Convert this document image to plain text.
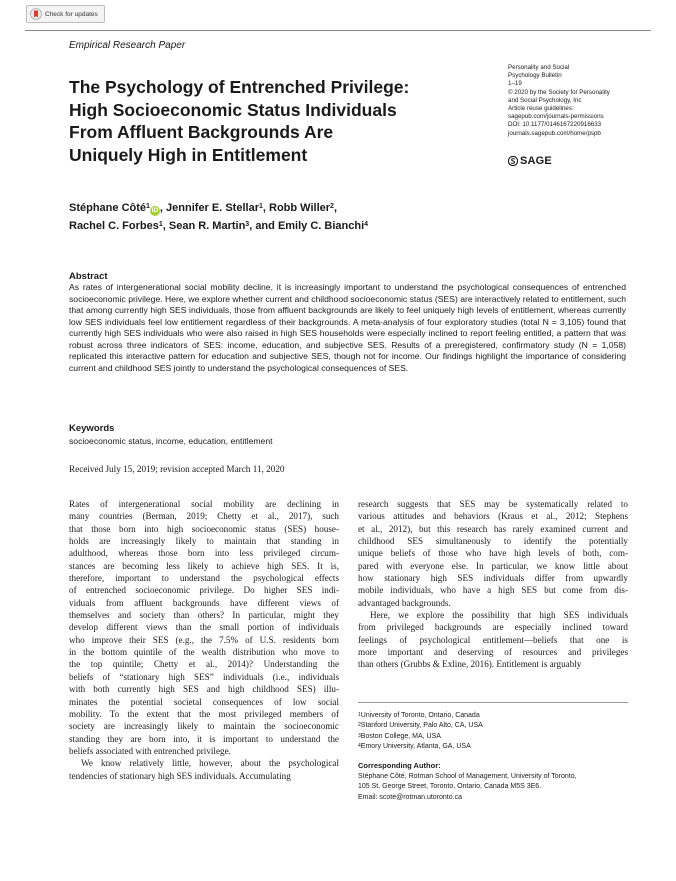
Check for updates
Empirical Research Paper
The Psychology of Entrenched Privilege:
High Socioeconomic Status Individuals
From Affluent Backgrounds Are
Uniquely High in Entitlement
Personality and Social
Psychology Bulletin
1–19
© 2020 by the Society for Personality
and Social Psychology, Inc
Article reuse guidelines:
sagepub.com/journals-permissions
DOI: 10.1177/0146167220916633
journals.sagepub.com/home/pspb
SAGE
Stéphane Côté$^1$iD , Jennifer E. Stellar$^1$, Robb Willer$^2$,
Rachel C. Forbes$^1$, Sean R. Martin$^3$, and Emily C. Bianchi$^4$
Abstract
As rates of intergenerational social mobility decline, it is increasingly important to understand the psychological consequences of entrenched socioeconomic privilege. Here, we explore whether current and childhood socioeconomic status (SES) are interactively related to entitlement, such that among currently high SES individuals, those from affluent backgrounds are likely to feel uniquely high levels of entitlement, whereas currently low SES individuals feel low entitlement regardless of their backgrounds. A meta-analysis of four exploratory studies (total N = 3,105) found that currently high SES individuals who were also raised in high SES households were especially inclined to report feeling entitled, a pattern that was robust across three indicators of SES: income, education, and subjective SES. Results of a preregistered, confirmatory study (N = 1,058) replicated this interactive pattern for education and subjective SES, though not for income. Our findings highlight the importance of considering current and childhood SES jointly to understand the psychological consequences of SES.
Keywords
socioeconomic status, income, education, entitlement
Received July 15, 2019; revision accepted March 11, 2020
Rates of intergenerational social mobility are declining in
many countries (Berman, 2019; Chetty et al., 2017), such
that those born into high socioeconomic status (SES) house-
holds are increasingly likely to maintain that standing in
adulthood, whereas those born into less privileged circum-
stances are becoming less likely to achieve high SES. It is,
therefore, important to understand the psychological effects
of entrenched socioeconomic privilege. Do higher SES indi-
viduals from affluent backgrounds have different views of
themselves and society than others? In particular, might they
develop different views than the small portion of individuals
who improve their SES (e.g., the 7.5% of U.S. residents born
in the bottom quintile of the wealth distribution who move to
the top quintile; Chetty et al., 2014)? Understanding the
beliefs of “stationary high SES” individuals (i.e., individuals
with both currently high SES and high childhood SES) illu-
minates the potential societal consequences of low social
mobility. To the extent that the most privileged members of
society are increasingly likely to maintain the socioeconomic
standing they are born into, it is important to understand the
beliefs associated with entrenched privilege.
We know relatively little, however, about the psychological
tendencies of stationary high SES individuals. Accumulating
research suggests that SES may be systematically related to
various attitudes and behaviors (Kraus et al., 2012; Stephens
et al., 2012), but this research has rarely examined current and
childhood SES simultaneously to identify the potentially
unique beliefs of those who have high levels of both, com-
pared with everyone else. In particular, we know little about
how stationary high SES individuals differ from upwardly
mobile individuals, who have a high SES but come from dis-
advantaged backgrounds.
Here, we explore the possibility that high SES individuals
from privileged backgrounds are especially inclined toward
feelings of psychological entitlement—beliefs that one is
more important and deserving of resources and privileges
than others (Grubbs & Exline, 2016). Entitlement is arguably
$^1$University of Toronto, Ontario, Canada
$^2$Stanford University, Palo Alto, CA, USA
$^3$Boston College, MA, USA
$^4$Emory University, Atlanta, GA, USA
Corresponding Author:
Stéphane Côté, Rotman School of Management, University of Toronto,
105 St. George Street, Toronto, Ontario, Canada M5S 3E6.
Email: scote@rotman.utoronto.ca
